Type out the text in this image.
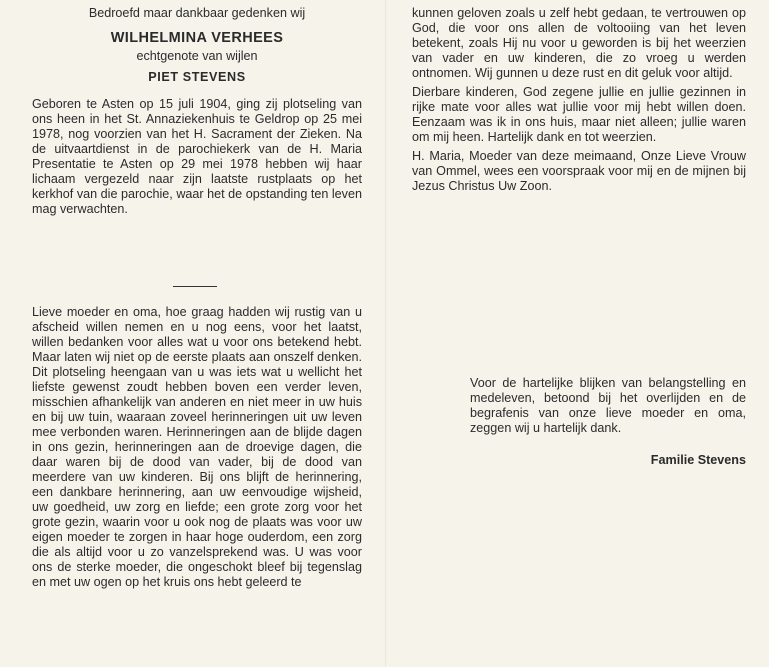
Bedroefd maar dankbaar gedenken wij
WILHELMINA VERHEES
echtgenote van wijlen
PIET STEVENS

Geboren te Asten op 15 juli 1904, ging zij plotseling van ons heen in het St. Annaziekenhuis te Geldrop op 25 mei 1978, nog voorzien van het H. Sacrament der Zieken. Na de uitvaartdienst in de parochiekerk van de H. Maria Presentatie te Asten op 29 mei 1978 hebben wij haar lichaam vergezeld naar zijn laatste rustplaats op het kerkhof van die parochie, waar het de opstanding ten leven mag verwachten.

Lieve moeder en oma, hoe graag hadden wij rustig van u afscheid willen nemen en u nog eens, voor het laatst, willen bedanken voor alles wat u voor ons betekend hebt. Maar laten wij niet op de eerste plaats aan onszelf denken. Dit plotseling heengaan van u was iets wat u wellicht het liefste gewenst zoudt hebben boven een verder leven, misschien afhankelijk van anderen en niet meer in uw huis en bij uw tuin, waaraan zoveel herinneringen uit uw leven mee verbonden waren. Herinneringen aan de blijde dagen in ons gezin, herinneringen aan de droevige dagen, die daar waren bij de dood van vader, bij de dood van meerdere van uw kinderen. Bij ons blijft de herinnering, een dankbare herinnering, aan uw eenvoudige wijsheid, uw goedheid, uw zorg en liefde; een grote zorg voor het grote gezin, waarin voor u ook nog de plaats was voor uw eigen moeder te zorgen in haar hoge ouderdom, een zorg die als altijd voor u zo vanzelsprekend was. U was voor ons de sterke moeder, die ongeschokt bleef bij tegenslag en met uw ogen op het kruis ons hebt geleerd te

kunnen geloven zoals u zelf hebt gedaan, te vertrouwen op God, die voor ons allen de voltooiing van het leven betekent, zoals Hij nu voor u geworden is bij het weerzien van vader en uw kinderen, die zo vroeg u werden ontnomen. Wij gunnen u deze rust en dit geluk voor altijd.

Dierbare kinderen, God zegene jullie en jullie gezinnen in rijke mate voor alles wat jullie voor mij hebt willen doen. Eenzaam was ik in ons huis, maar niet alleen; jullie waren om mij heen. Hartelijk dank en tot weerzien.

H. Maria, Moeder van deze meimaand, Onze Lieve Vrouw van Ommel, wees een voorspraak voor mij en de mijnen bij Jezus Christus Uw Zoon.

Voor de hartelijke blijken van belangstelling en medeleven, betoond bij het overlijden en de begrafenis van onze lieve moeder en oma, zeggen wij u hartelijk dank.

Familie Stevens
